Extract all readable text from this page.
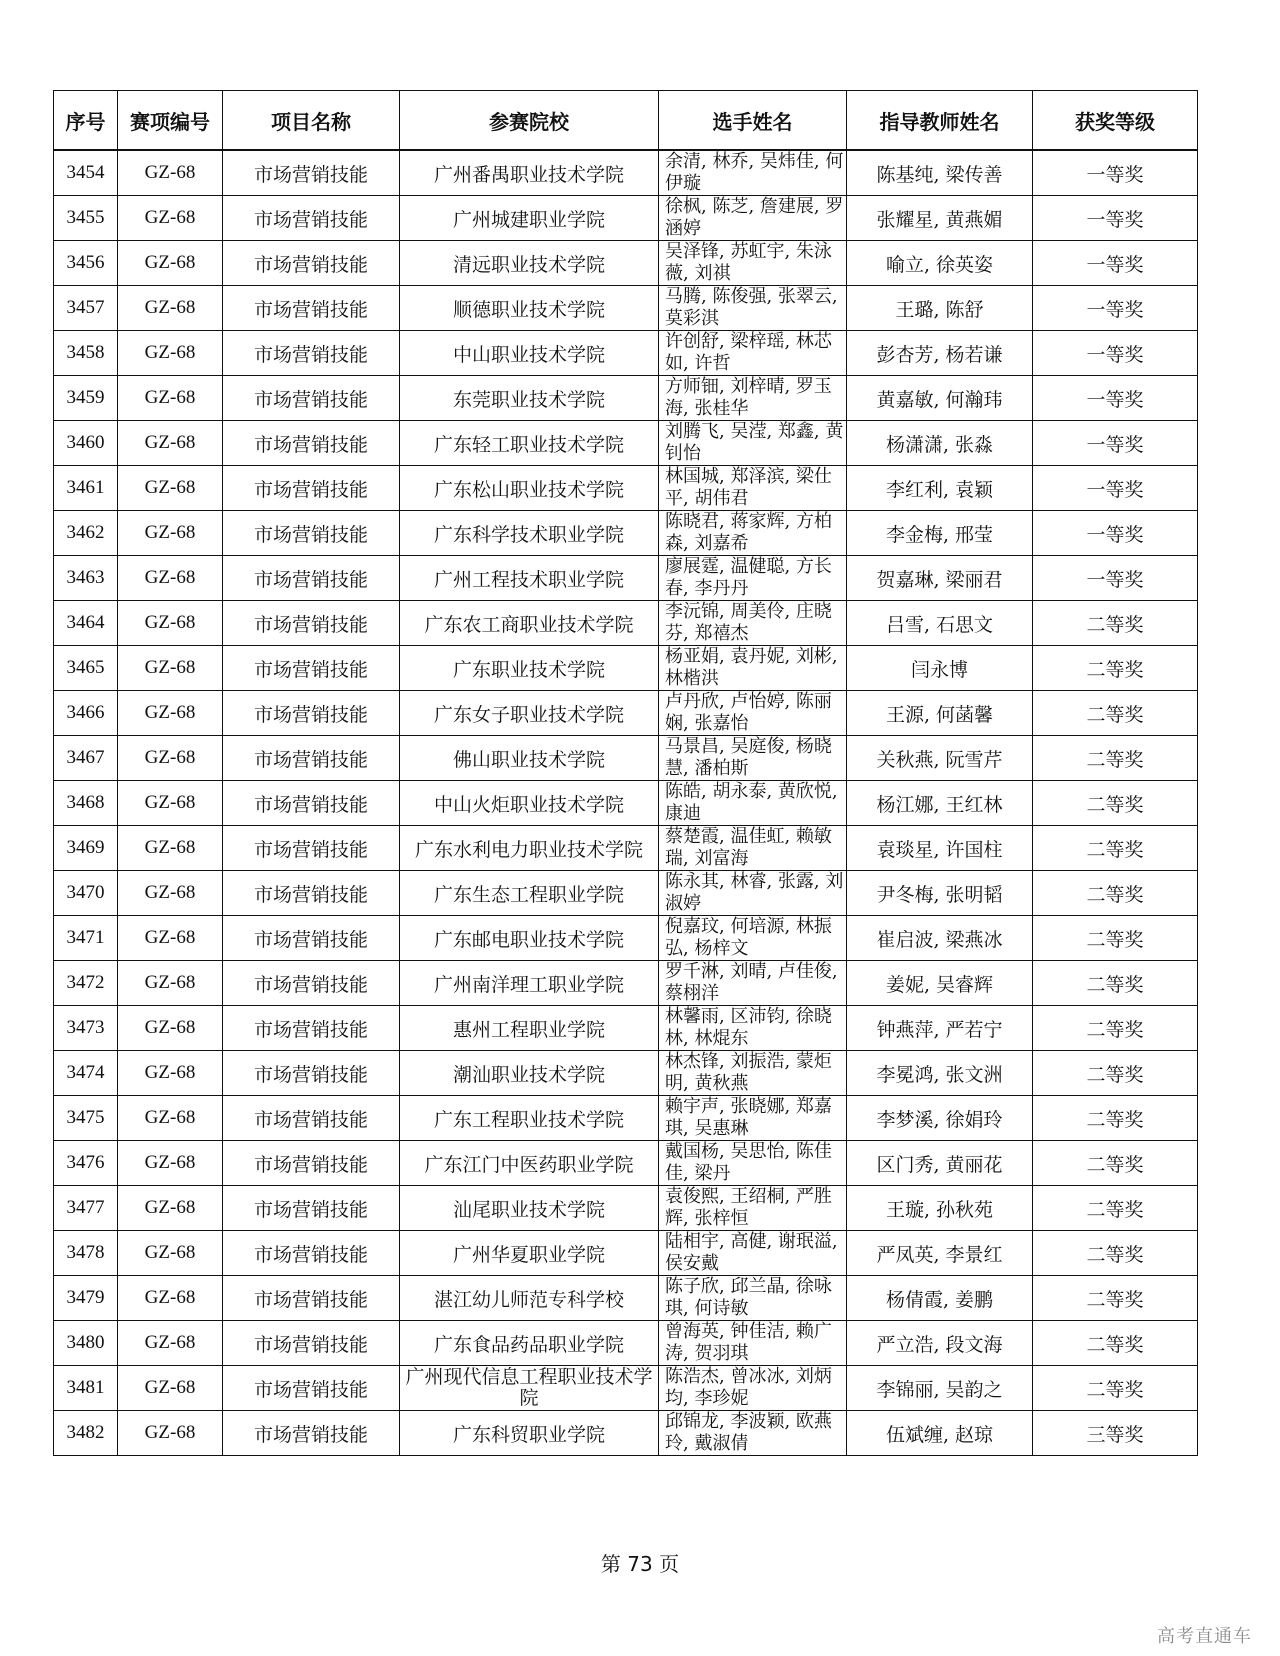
序号	赛项编号	项目名称	参赛院校	选手姓名	指导教师姓名	获奖等级
3454	GZ-68	市场营销技能	广州番禺职业技术学院	余清, 林乔, 吴炜佳, 何伊璇	陈基纯, 梁传善	一等奖
3455	GZ-68	市场营销技能	广州城建职业学院	徐枫, 陈芝, 詹建展, 罗涵婷	张耀星, 黄燕媚	一等奖
3456	GZ-68	市场营销技能	清远职业技术学院	吴泽锋, 苏虹宇, 朱泳薇, 刘祺	喻立, 徐英姿	一等奖
3457	GZ-68	市场营销技能	顺德职业技术学院	马腾, 陈俊强, 张翠云, 莫彩淇	王璐, 陈舒	一等奖
3458	GZ-68	市场营销技能	中山职业技术学院	许创舒, 梁梓瑶, 林芯如, 许哲	彭杏芳, 杨若谦	一等奖
3459	GZ-68	市场营销技能	东莞职业技术学院	方师钿, 刘梓晴, 罗玉海, 张桂华	黄嘉敏, 何瀚玮	一等奖
3460	GZ-68	市场营销技能	广东轻工职业技术学院	刘腾飞, 吴滢, 郑鑫, 黄钊怡	杨潇潇, 张淼	一等奖
3461	GZ-68	市场营销技能	广东松山职业技术学院	林国城, 郑泽滨, 梁仕平, 胡伟君	李红利, 袁颖	一等奖
3462	GZ-68	市场营销技能	广东科学技术职业学院	陈晓君, 蒋家辉, 方柏森, 刘嘉希	李金梅, 邢莹	一等奖
3463	GZ-68	市场营销技能	广州工程技术职业学院	廖展霆, 温健聪, 方长春, 李丹丹	贺嘉琳, 梁丽君	一等奖
3464	GZ-68	市场营销技能	广东农工商职业技术学院	李沅锦, 周美伶, 庄晓芬, 郑禧杰	吕雪, 石思文	二等奖
3465	GZ-68	市场营销技能	广东职业技术学院	杨亚娟, 袁丹妮, 刘彬, 林楷洪	闫永博	二等奖
3466	GZ-68	市场营销技能	广东女子职业技术学院	卢丹欣, 卢怡婷, 陈丽娴, 张嘉怡	王源, 何菡馨	二等奖
3467	GZ-68	市场营销技能	佛山职业技术学院	马景昌, 吴庭俊, 杨晓慧, 潘柏斯	关秋燕, 阮雪芹	二等奖
3468	GZ-68	市场营销技能	中山火炬职业技术学院	陈皓, 胡永泰, 黄欣悦, 康迪	杨江娜, 王红林	二等奖
3469	GZ-68	市场营销技能	广东水利电力职业技术学院	蔡楚霞, 温佳虹, 赖敏瑞, 刘富海	袁琰星, 许国柱	二等奖
3470	GZ-68	市场营销技能	广东生态工程职业学院	陈永其, 林睿, 张露, 刘淑婷	尹冬梅, 张明韬	二等奖
3471	GZ-68	市场营销技能	广东邮电职业技术学院	倪嘉玟, 何培源, 林振弘, 杨梓文	崔启波, 梁燕冰	二等奖
3472	GZ-68	市场营销技能	广州南洋理工职业学院	罗千淋, 刘晴, 卢佳俊, 蔡栩洋	姜妮, 吴睿辉	二等奖
3473	GZ-68	市场营销技能	惠州工程职业学院	林馨雨, 区沛钧, 徐晓林, 林焜东	钟燕萍, 严若宁	二等奖
3474	GZ-68	市场营销技能	潮汕职业技术学院	林杰锋, 刘振浩, 蒙炬明, 黄秋燕	李冕鸿, 张文洲	二等奖
3475	GZ-68	市场营销技能	广东工程职业技术学院	赖宇声, 张晓娜, 郑嘉琪, 吴惠琳	李梦溪, 徐娟玲	二等奖
3476	GZ-68	市场营销技能	广东江门中医药职业学院	戴国杨, 吴思怡, 陈佳佳, 梁丹	区门秀, 黄丽花	二等奖
3477	GZ-68	市场营销技能	汕尾职业技术学院	袁俊熙, 王绍桐, 严胜辉, 张梓恒	王璇, 孙秋苑	二等奖
3478	GZ-68	市场营销技能	广州华夏职业学院	陆相宇, 高健, 谢珉溢, 侯安戴	严凤英, 李景红	二等奖
3479	GZ-68	市场营销技能	湛江幼儿师范专科学校	陈子欣, 邱兰晶, 徐咏琪, 何诗敏	杨倩霞, 姜鹏	二等奖
3480	GZ-68	市场营销技能	广东食品药品职业学院	曾海英, 钟佳洁, 赖广涛, 贺羽琪	严立浩, 段文海	二等奖
3481	GZ-68	市场营销技能	广州现代信息工程职业技术学院	陈浩杰, 曾冰冰, 刘炳均, 李珍妮	李锦丽, 吴韵之	二等奖
3482	GZ-68	市场营销技能	广东科贸职业学院	邱锦龙, 李波颖, 欧燕玲, 戴淑倩	伍斌缠, 赵琼	三等奖
第 73 页
高考直通车
